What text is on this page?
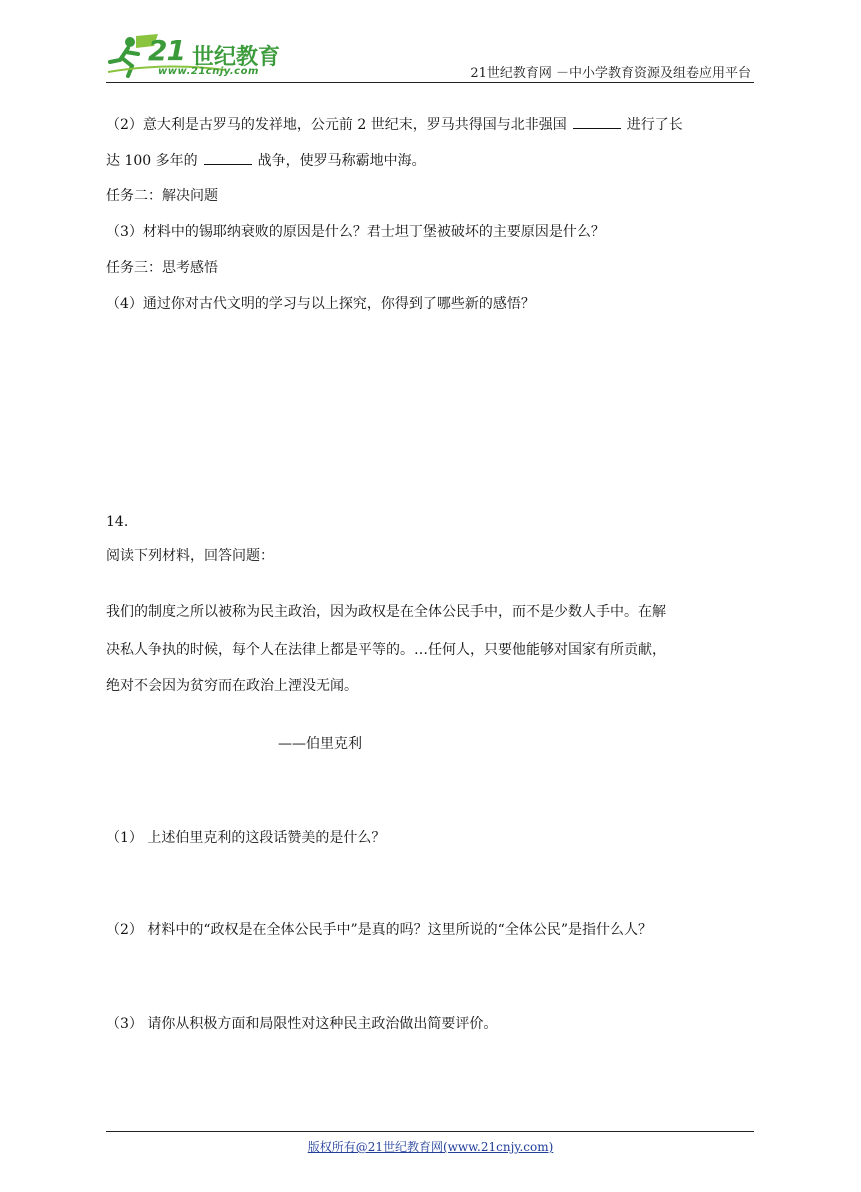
21 世纪教育
www.21cnjy.com	21世纪教育网 －中小学教育资源及组卷应用平台
（2）意大利是古罗马的发祥地，公元前 2 世纪末，罗马共得国与北非强国	进行了长
达 100 多年的	战争，使罗马称霸地中海。
任务二：解决问题
（3）材料中的锡耶纳衰败的原因是什么？君士坦丁堡被破坏的主要原因是什么？
任务三：思考感悟
（4）通过你对古代文明的学习与以上探究，你得到了哪些新的感悟？
14.
阅读下列材料，回答问题：
我们的制度之所以被称为民主政治，因为政权是在全体公民手中，而不是少数人手中。在解
决私人争执的时候，每个人在法律上都是平等的。…任何人，只要他能够对国家有所贡献，
绝对不会因为贫穷而在政治上湮没无闻。
——伯里克利
（1） 上述伯里克利的这段话赞美的是什么？
（2） 材料中的“政权是在全体公民手中”是真的吗？这里所说的“全体公民”是指什么人？
（3） 请你从积极方面和局限性对这种民主政治做出简要评价。
版权所有@21世纪教育网(www.21cnjy.com)
